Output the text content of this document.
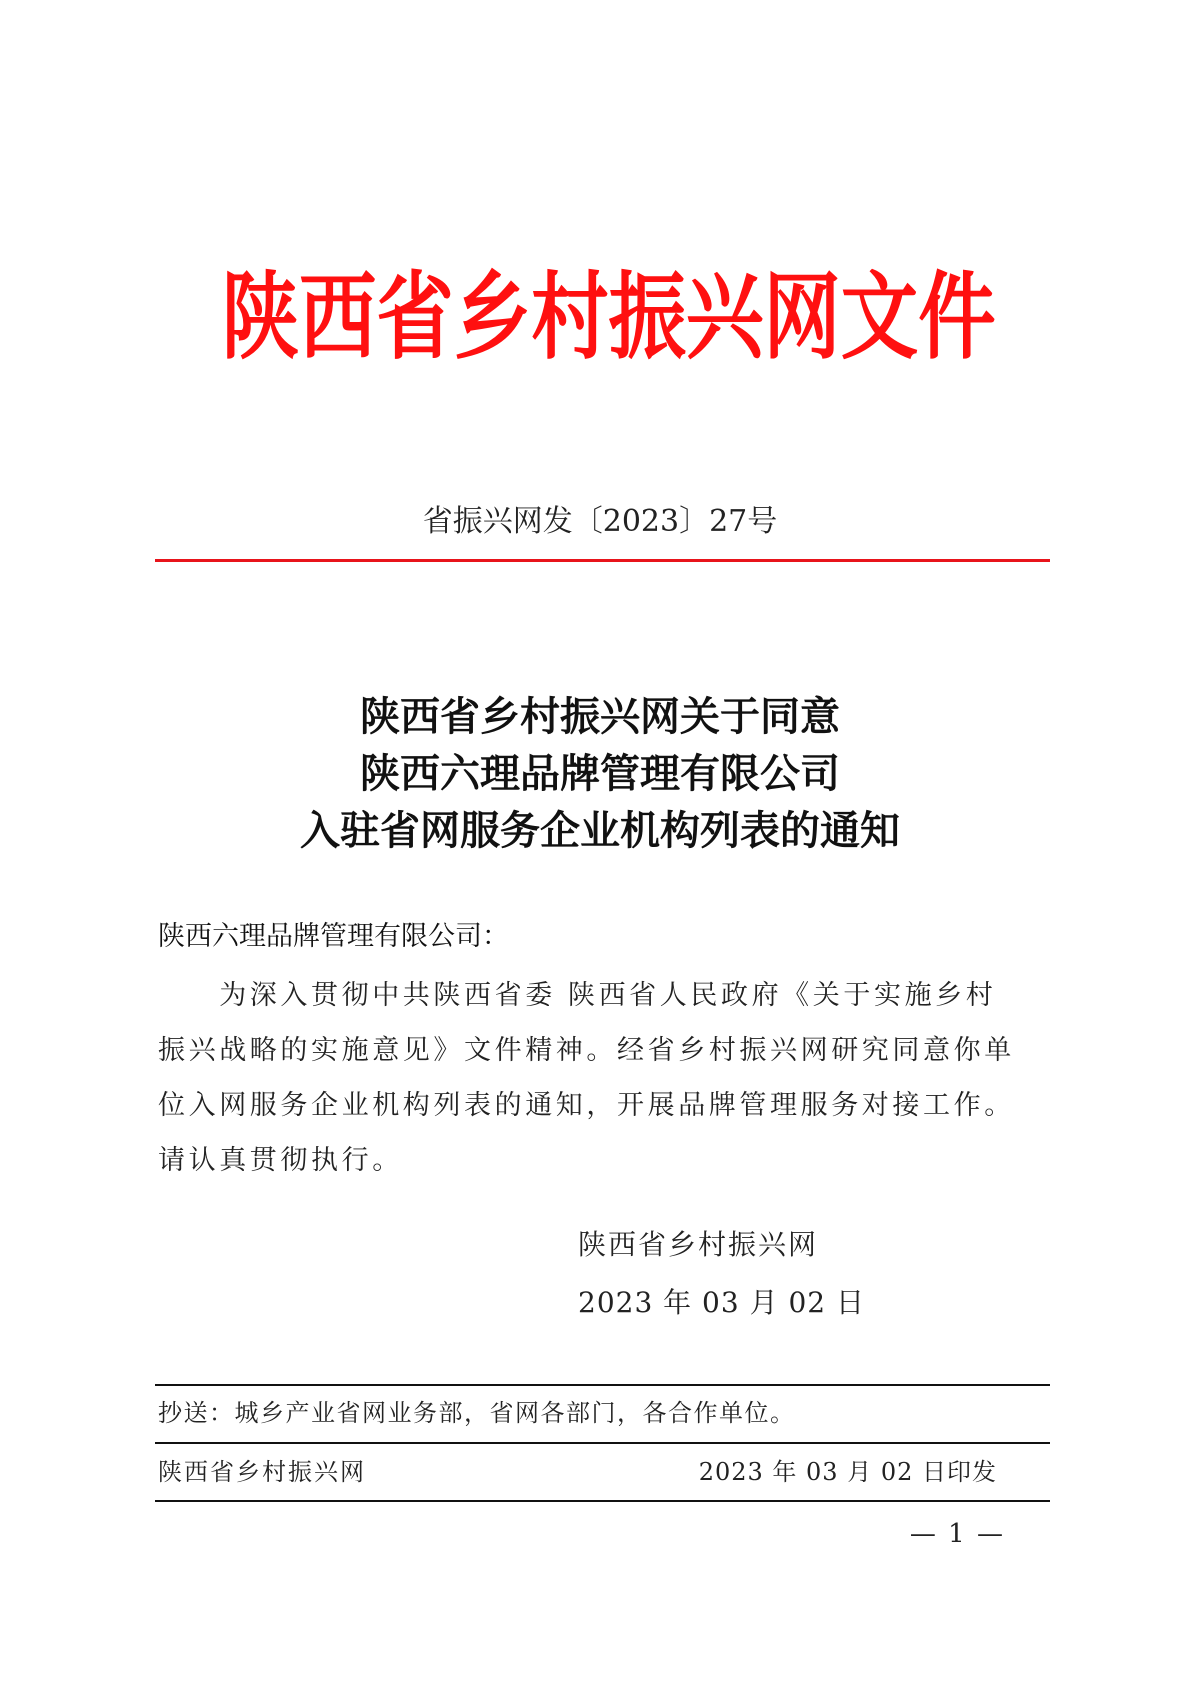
陕西省乡村振兴网文件
省振兴网发〔2023〕27号
陕西省乡村振兴网关于同意
陕西六理品牌管理有限公司
入驻省网服务企业机构列表的通知
陕西六理品牌管理有限公司：
　　为深入贯彻中共陕西省委 陕西省人民政府《关于实施乡村
振兴战略的实施意见》文件精神。经省乡村振兴网研究同意你单
位入网服务企业机构列表的通知，开展品牌管理服务对接工作。
请认真贯彻执行。
陕西省乡村振兴网
2023 年 03 月 02 日
抄送：城乡产业省网业务部，省网各部门，各合作单位。
陕西省乡村振兴网	2023 年 03 月 02 日印发
— 1 —
